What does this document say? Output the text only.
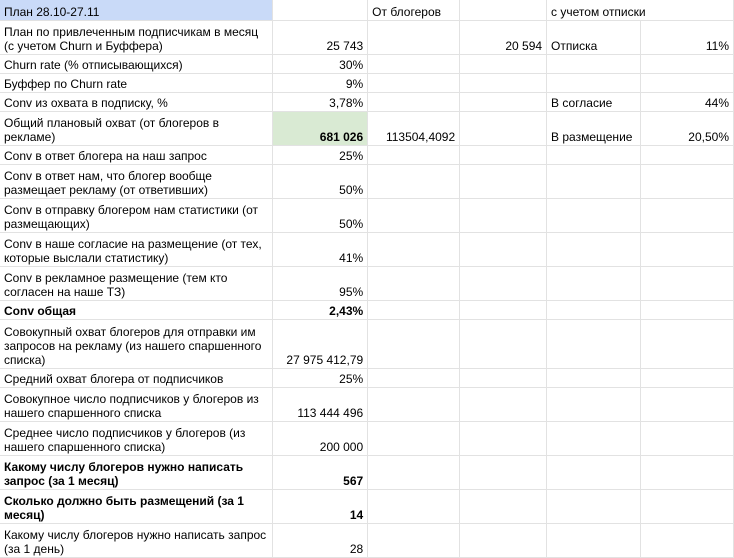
План 28.10-27.11		От блогеров		с учетом отписки	
План по привлеченным подписчикам в месяц (с учетом Churn и Буффера)	25 743		20 594	Отписка	11%
Churn rate (% отписывающихся)	30%				
Буффер по Churn rate	9%				
Conv из охвата в подписку, %	3,78%			В согласие	44%
Общий плановый охват (от блогеров в рекламе)	681 026	113504,4092		В размещение	20,50%
Conv в ответ блогера на наш запрос	25%				
Conv в ответ нам, что блогер вообще размещает рекламу (от ответивших)	50%				
Conv в отправку блогером нам статистики (от размещающих)	50%				
Conv в наше согласие на размещение (от тех, которые выслали статистику)	41%				
Conv в рекламное размещение (тем кто согласен на наше ТЗ)	95%				
Conv общая	2,43%				
Совокупный охват блогеров для отправки им запросов на рекламу (из нашего спаршенного списка)	27 975 412,79				
Средний охват блогера от подписчиков	25%				
Совокупное число подписчиков у блогеров из нашего спаршенного списка	113 444 496				
Среднее число подписчиков у блогеров (из нашего спаршенного списка)	200 000				
Какому числу блогеров нужно написать запрос (за 1 месяц)	567				
Сколько должно быть размещений (за 1 месяц)	14				
Какому числу блогеров нужно написать запрос (за 1 день)	28				
